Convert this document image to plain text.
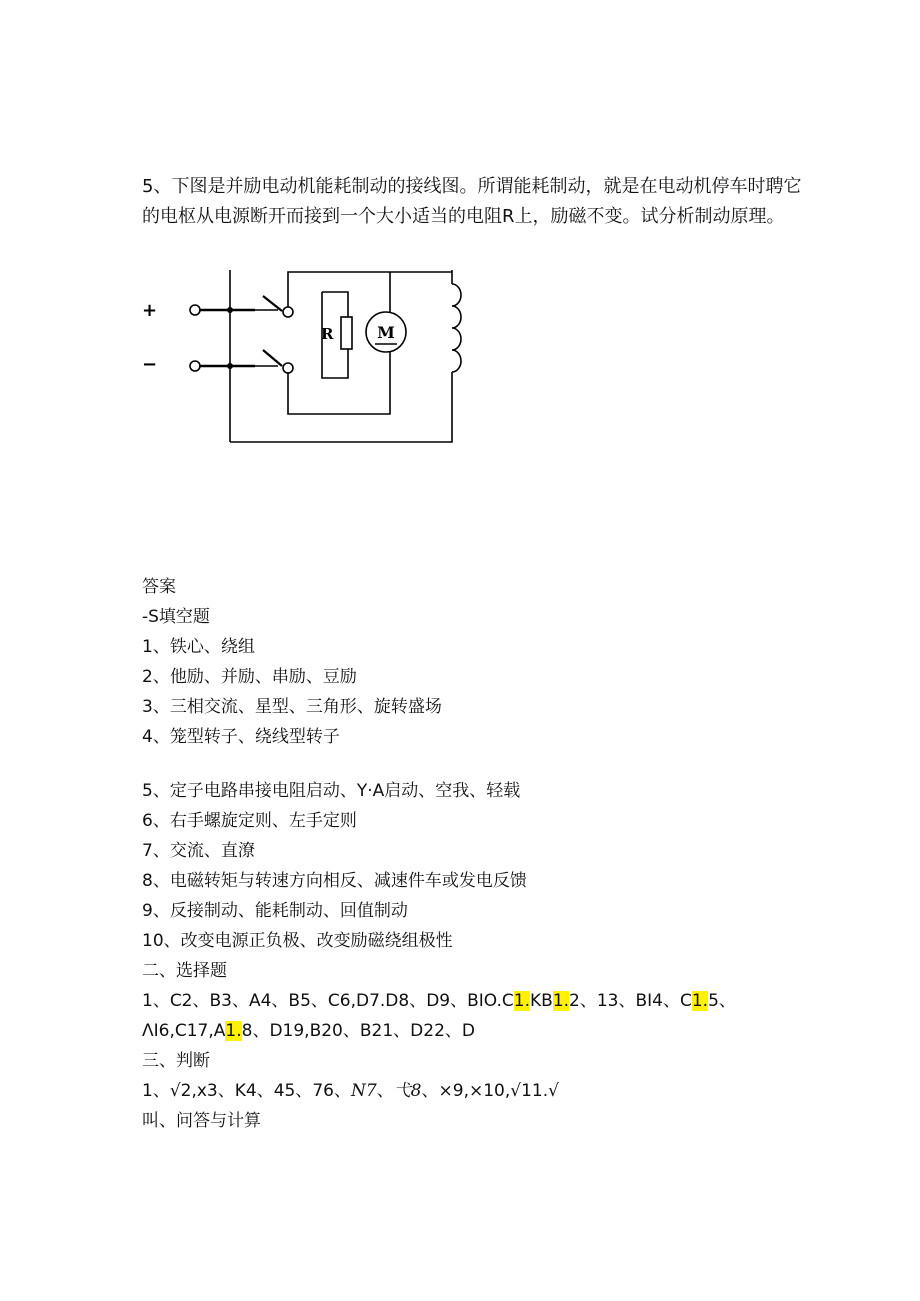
5、下图是并励电动机能耗制动的接线图。所谓能耗制动，就是在电动机停车时聘它
的电枢从电源断开而接到一个大小适当的电阻R上，励磁不变。试分析制动原理。
+
−
R	M
答案
-S填空题
1、铁心、绕组
2、他励、并励、串励、豆励
3、三相交流、星型、三角形、旋转盛场
4、笼型转子、绕线型转子
5、定子电路串接电阻启动、Y·A启动、空我、轻载
6、右手螺旋定则、左手定则
7、交流、直潦
8、电磁转矩与转速方向相反、减速件车或发电反馈
9、反接制动、能耗制动、回值制动
10、改变电源正负极、改变励磁绕组极性
二、选择题
1、C2、B3、A4、B5、C6,D7.D8、D9、BIO.C1.KB1.2、13、BI4、C1.5、
ΛI6,C17,A1.8、D19,B20、B21、D22、D
三、判断
1、√2,x3、K4、45、76、N7、弋8、×9,×10,√11.√
叫、问答与计算
